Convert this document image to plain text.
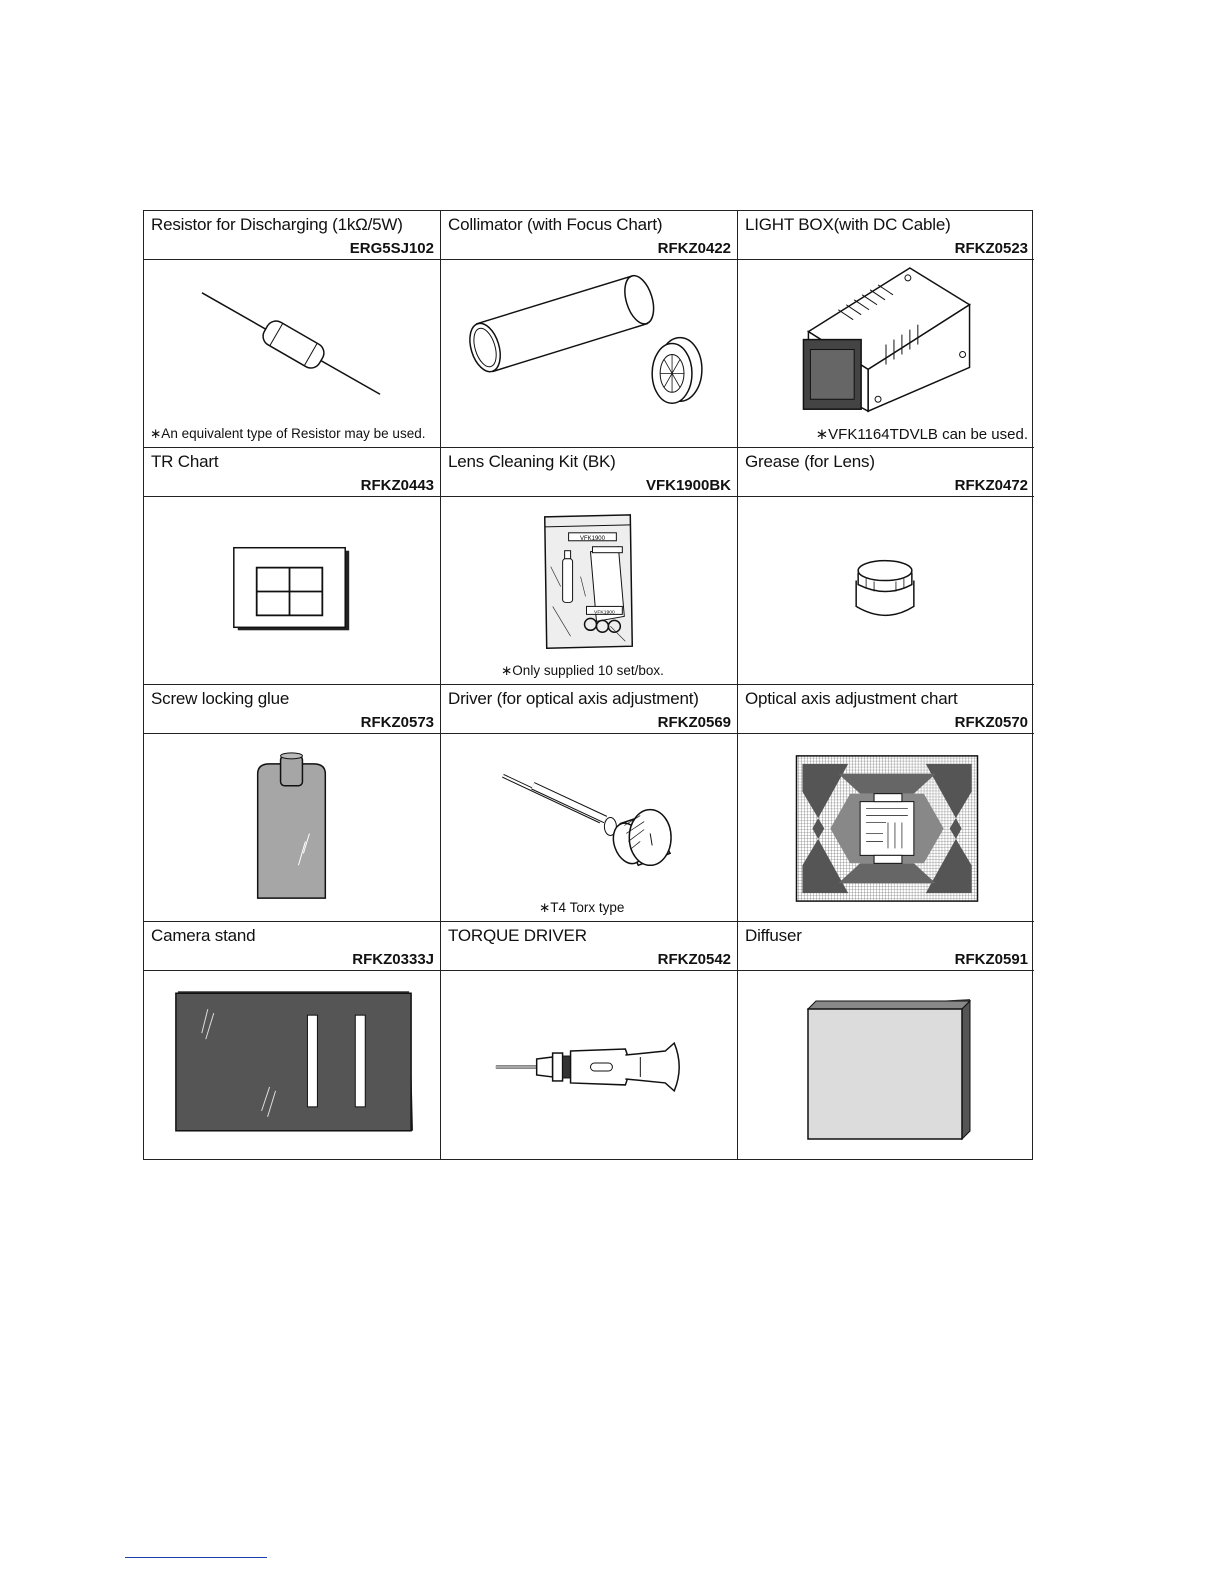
Resistor for Discharging (1kΩ/5W)
ERG5SJ102
Collimator (with Focus Chart)
RFKZ0422
LIGHT BOX(with DC Cable)
RFKZ0523
∗An equivalent type of Resistor may be used.	∗VFK1164TDVLB can be used.
TR Chart
RFKZ0443
Lens Cleaning Kit (BK)
VFK1900BK
Grease (for Lens)
RFKZ0472
VFK1900
VFK1900
∗Only supplied 10 set/box.
Screw locking glue
RFKZ0573
Driver (for optical axis adjustment)
RFKZ0569
Optical axis adjustment chart
RFKZ0570
∗T4 Torx type
Camera stand
RFKZ0333J
TORQUE DRIVER
RFKZ0542
Diffuser
RFKZ0591
